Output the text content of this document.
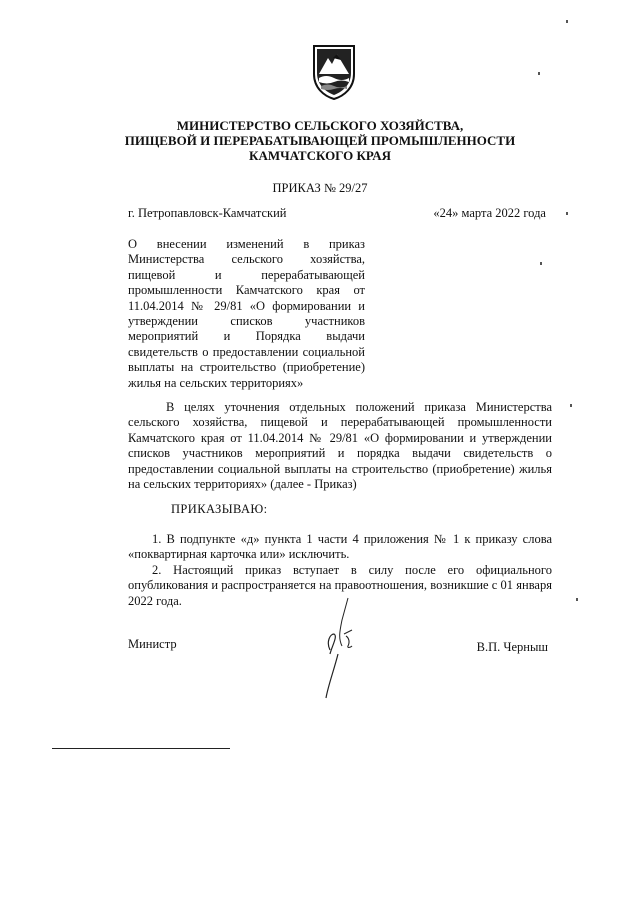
МИНИСТЕРСТВО СЕЛЬСКОГО ХОЗЯЙСТВА,
ПИЩЕВОЙ И ПЕРЕРАБАТЫВАЮЩЕЙ ПРОМЫШЛЕННОСТИ
КАМЧАТСКОГО КРАЯ
ПРИКАЗ № 29/27
г. Петропавловск-Камчатский	«24» марта 2022 года
О внесении изменений в приказ Министерства сельского хозяйства, пищевой и перерабатывающей промышленности Камчатского края от 11.04.2014 № 29/81 «О формировании и утверждении списков участников мероприятий и Порядка выдачи свидетельств о предоставлении социальной выплаты на строительство (приобретение) жилья на сельских территориях»
В целях уточнения отдельных положений приказа Министерства сельского хозяйства, пищевой и перерабатывающей промышленности Камчатского края от 11.04.2014 № 29/81 «О формировании и утверждении списков участников мероприятий и порядка выдачи свидетельств о предоставлении социальной выплаты на строительство (приобретение) жилья на сельских территориях» (далее - Приказ)
ПРИКАЗЫВАЮ:

1. В подпункте «д» пункта 1 части 4 приложения № 1 к приказу слова «поквартирная карточка или» исключить.

2. Настоящий приказ вступает в силу после его официального опубликования и распространяется на правоотношения, возникшие с 01 января 2022 года.

Министр	В.П. Черныш
